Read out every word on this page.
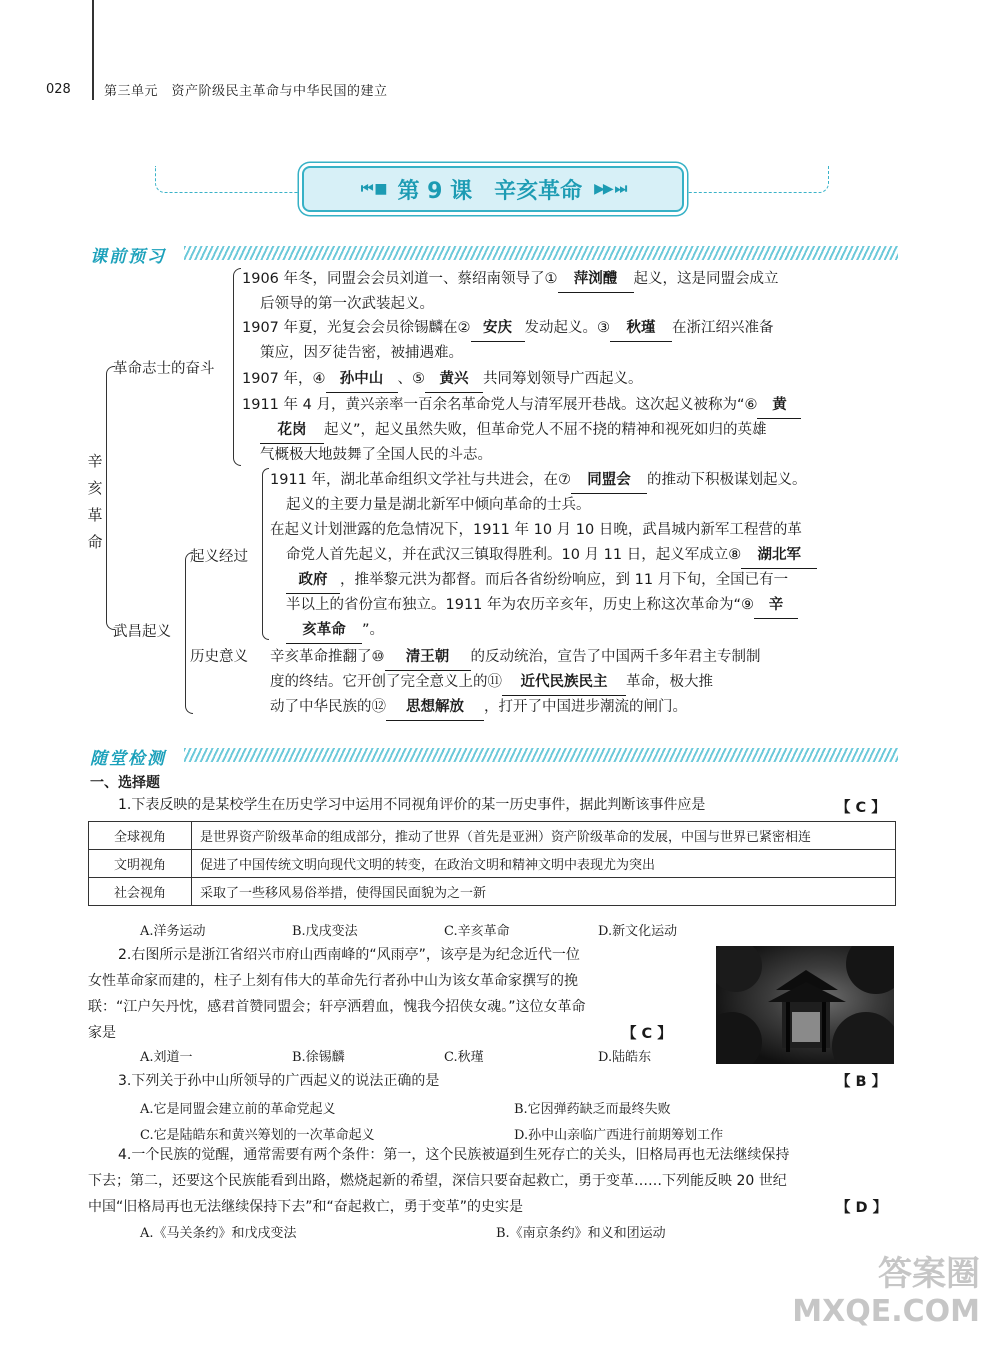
028	第三单元　资产阶级民主革命与中华民国的建立
⏮ ■ 第 9 课　辛亥革命 ▶▶ ⏭
课前预习
辛亥革命
革命志士的奋斗
武昌起义
起义经过
历史意义
1906 年冬，同盟会会员刘道一、蔡绍南领导了① 萍浏醴 起义，这是同盟会成立
后领导的第一次武装起义。
1907 年夏，光复会会员徐锡麟在② 安庆 发动起义。③ 秋瑾 在浙江绍兴准备
策应，因歹徒告密，被捕遇难。
1907 年，④ 孙中山 、⑤ 黄兴 共同筹划领导广西起义。
1911 年 4 月，黄兴亲率一百余名革命党人与清军展开巷战。这次起义被称为“⑥ 黄
花岗 起义”，起义虽然失败，但革命党人不屈不挠的精神和视死如归的英雄
气概极大地鼓舞了全国人民的斗志。
1911 年，湖北革命组织文学社与共进会，在⑦ 同盟会 的推动下积极谋划起义。
起义的主要力量是湖北新军中倾向革命的士兵。
在起义计划泄露的危急情况下，1911 年 10 月 10 日晚，武昌城内新军工程营的革
命党人首先起义，并在武汉三镇取得胜利。10 月 11 日，起义军成立⑧ 湖北军
政府 ，推举黎元洪为都督。而后各省纷纷响应，到 11 月下旬，全国已有一
半以上的省份宣布独立。1911 年为农历辛亥年，历史上称这次革命为“⑨ 辛
亥革命 ”。
辛亥革命推翻了⑩ 清王朝 的反动统治，宣告了中国两千多年君主专制制
度的终结。它开创了完全意义上的⑪ 近代民族民主 革命，极大推
动了中华民族的⑫ 思想解放 ，打开了中国进步潮流的闸门。
随堂检测
一、选择题
1.下表反映的是某校学生在历史学习中运用不同视角评价的某一历史事件，据此判断该事件应是	【 C 】
全球视角	是世界资产阶级革命的组成部分，推动了世界（首先是亚洲）资产阶级革命的发展，中国与世界已紧密相连
文明视角	促进了中国传统文明向现代文明的转变，在政治文明和精神文明中表现尤为突出
社会视角	采取了一些移风易俗举措，使得国民面貌为之一新
A.洋务运动	B.戊戌变法	C.辛亥革命	D.新文化运动
2.右图所示是浙江省绍兴市府山西南峰的“风雨亭”，该亭是为纪念近代一位
女性革命家而建的，柱子上刻有伟大的革命先行者孙中山为该女革命家撰写的挽
联：“江户矢丹忱，感君首赞同盟会；轩亭洒碧血，愧我今招侠女魂。”这位女革命
家是	【 C 】
A.刘道一	B.徐锡麟	C.秋瑾	D.陆皓东
3.下列关于孙中山所领导的广西起义的说法正确的是	【 B 】
A.它是同盟会建立前的革命党起义	B.它因弹药缺乏而最终失败
C.它是陆皓东和黄兴筹划的一次革命起义	D.孙中山亲临广西进行前期筹划工作
4.一个民族的觉醒，通常需要有两个条件：第一，这个民族被逼到生死存亡的关头，旧格局再也无法继续保持
下去；第二，还要这个民族能看到出路，燃烧起新的希望，深信只要奋起救亡，勇于变革……下列能反映 20 世纪
中国“旧格局再也无法继续保持下去”和“奋起救亡，勇于变革”的史实是	【 D 】
A.《马关条约》和戊戌变法	B.《南京条约》和义和团运动
答案圈
MXQE.COM
